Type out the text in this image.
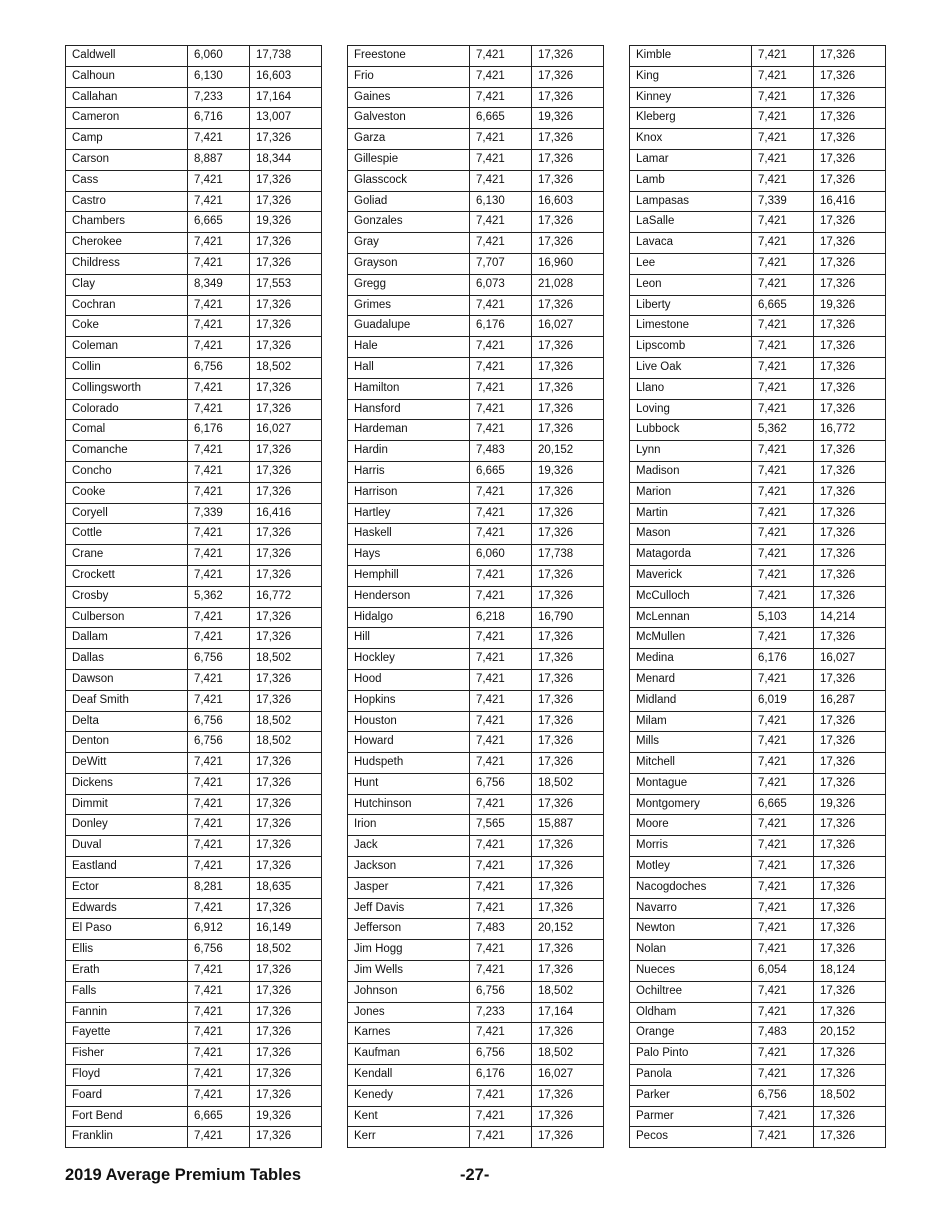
Caldwell	6,060	17,738
Calhoun	6,130	16,603
Callahan	7,233	17,164
Cameron	6,716	13,007
Camp	7,421	17,326
Carson	8,887	18,344
Cass	7,421	17,326
Castro	7,421	17,326
Chambers	6,665	19,326
Cherokee	7,421	17,326
Childress	7,421	17,326
Clay	8,349	17,553
Cochran	7,421	17,326
Coke	7,421	17,326
Coleman	7,421	17,326
Collin	6,756	18,502
Collingsworth	7,421	17,326
Colorado	7,421	17,326
Comal	6,176	16,027
Comanche	7,421	17,326
Concho	7,421	17,326
Cooke	7,421	17,326
Coryell	7,339	16,416
Cottle	7,421	17,326
Crane	7,421	17,326
Crockett	7,421	17,326
Crosby	5,362	16,772
Culberson	7,421	17,326
Dallam	7,421	17,326
Dallas	6,756	18,502
Dawson	7,421	17,326
Deaf Smith	7,421	17,326
Delta	6,756	18,502
Denton	6,756	18,502
DeWitt	7,421	17,326
Dickens	7,421	17,326
Dimmit	7,421	17,326
Donley	7,421	17,326
Duval	7,421	17,326
Eastland	7,421	17,326
Ector	8,281	18,635
Edwards	7,421	17,326
El Paso	6,912	16,149
Ellis	6,756	18,502
Erath	7,421	17,326
Falls	7,421	17,326
Fannin	7,421	17,326
Fayette	7,421	17,326
Fisher	7,421	17,326
Floyd	7,421	17,326
Foard	7,421	17,326
Fort Bend	6,665	19,326
Franklin	7,421	17,326
Freestone	7,421	17,326
Frio	7,421	17,326
Gaines	7,421	17,326
Galveston	6,665	19,326
Garza	7,421	17,326
Gillespie	7,421	17,326
Glasscock	7,421	17,326
Goliad	6,130	16,603
Gonzales	7,421	17,326
Gray	7,421	17,326
Grayson	7,707	16,960
Gregg	6,073	21,028
Grimes	7,421	17,326
Guadalupe	6,176	16,027
Hale	7,421	17,326
Hall	7,421	17,326
Hamilton	7,421	17,326
Hansford	7,421	17,326
Hardeman	7,421	17,326
Hardin	7,483	20,152
Harris	6,665	19,326
Harrison	7,421	17,326
Hartley	7,421	17,326
Haskell	7,421	17,326
Hays	6,060	17,738
Hemphill	7,421	17,326
Henderson	7,421	17,326
Hidalgo	6,218	16,790
Hill	7,421	17,326
Hockley	7,421	17,326
Hood	7,421	17,326
Hopkins	7,421	17,326
Houston	7,421	17,326
Howard	7,421	17,326
Hudspeth	7,421	17,326
Hunt	6,756	18,502
Hutchinson	7,421	17,326
Irion	7,565	15,887
Jack	7,421	17,326
Jackson	7,421	17,326
Jasper	7,421	17,326
Jeff Davis	7,421	17,326
Jefferson	7,483	20,152
Jim Hogg	7,421	17,326
Jim Wells	7,421	17,326
Johnson	6,756	18,502
Jones	7,233	17,164
Karnes	7,421	17,326
Kaufman	6,756	18,502
Kendall	6,176	16,027
Kenedy	7,421	17,326
Kent	7,421	17,326
Kerr	7,421	17,326
Kimble	7,421	17,326
King	7,421	17,326
Kinney	7,421	17,326
Kleberg	7,421	17,326
Knox	7,421	17,326
Lamar	7,421	17,326
Lamb	7,421	17,326
Lampasas	7,339	16,416
LaSalle	7,421	17,326
Lavaca	7,421	17,326
Lee	7,421	17,326
Leon	7,421	17,326
Liberty	6,665	19,326
Limestone	7,421	17,326
Lipscomb	7,421	17,326
Live Oak	7,421	17,326
Llano	7,421	17,326
Loving	7,421	17,326
Lubbock	5,362	16,772
Lynn	7,421	17,326
Madison	7,421	17,326
Marion	7,421	17,326
Martin	7,421	17,326
Mason	7,421	17,326
Matagorda	7,421	17,326
Maverick	7,421	17,326
McCulloch	7,421	17,326
McLennan	5,103	14,214
McMullen	7,421	17,326
Medina	6,176	16,027
Menard	7,421	17,326
Midland	6,019	16,287
Milam	7,421	17,326
Mills	7,421	17,326
Mitchell	7,421	17,326
Montague	7,421	17,326
Montgomery	6,665	19,326
Moore	7,421	17,326
Morris	7,421	17,326
Motley	7,421	17,326
Nacogdoches	7,421	17,326
Navarro	7,421	17,326
Newton	7,421	17,326
Nolan	7,421	17,326
Nueces	6,054	18,124
Ochiltree	7,421	17,326
Oldham	7,421	17,326
Orange	7,483	20,152
Palo Pinto	7,421	17,326
Panola	7,421	17,326
Parker	6,756	18,502
Parmer	7,421	17,326
Pecos	7,421	17,326
2019 Average Premium Tables	-27-
